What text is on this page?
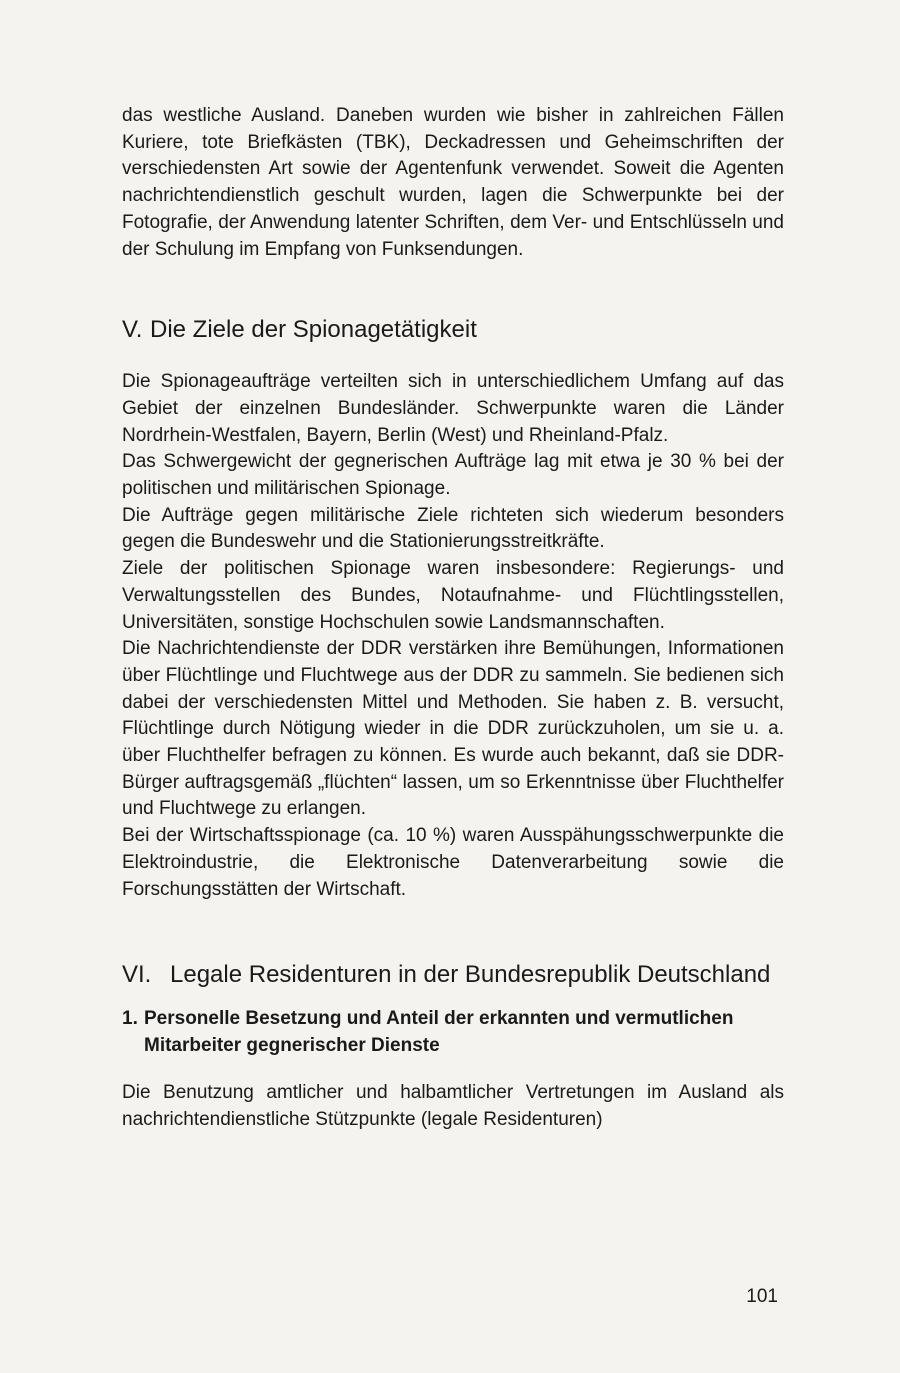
das westliche Ausland. Daneben wurden wie bisher in zahlreichen Fällen Kuriere, tote Briefkästen (TBK), Deckadressen und Geheimschriften der verschiedensten Art sowie der Agentenfunk verwendet. Soweit die Agenten nachrichtendienstlich geschult wurden, lagen die Schwerpunkte bei der Fotografie, der Anwendung latenter Schriften, dem Ver- und Entschlüsseln und der Schulung im Empfang von Funksendungen.

V. Die Ziele der Spionagetätigkeit

Die Spionageaufträge verteilten sich in unterschiedlichem Umfang auf das Gebiet der einzelnen Bundesländer. Schwerpunkte waren die Länder Nordrhein-Westfalen, Bayern, Berlin (West) und Rheinland-Pfalz.

Das Schwergewicht der gegnerischen Aufträge lag mit etwa je 30 % bei der politischen und militärischen Spionage.

Die Aufträge gegen militärische Ziele richteten sich wiederum besonders gegen die Bundeswehr und die Stationierungsstreitkräfte.

Ziele der politischen Spionage waren insbesondere: Regierungs- und Verwaltungsstellen des Bundes, Notaufnahme- und Flüchtlingsstellen, Universitäten, sonstige Hochschulen sowie Landsmannschaften.

Die Nachrichtendienste der DDR verstärken ihre Bemühungen, Informationen über Flüchtlinge und Fluchtwege aus der DDR zu sammeln. Sie bedienen sich dabei der verschiedensten Mittel und Methoden. Sie haben z. B. versucht, Flüchtlinge durch Nötigung wieder in die DDR zurückzuholen, um sie u. a. über Fluchthelfer befragen zu können. Es wurde auch bekannt, daß sie DDR-Bürger auftragsgemäß „flüchten“ lassen, um so Erkenntnisse über Fluchthelfer und Fluchtwege zu erlangen.

Bei der Wirtschaftsspionage (ca. 10 %) waren Ausspähungsschwerpunkte die Elektroindustrie, die Elektronische Datenverarbeitung sowie die Forschungsstätten der Wirtschaft.

VI. Legale Residenturen in der Bundesrepublik Deutschland
1. Personelle Besetzung und Anteil der erkannten und vermutlichen Mitarbeiter gegnerischer Dienste

Die Benutzung amtlicher und halbamtlicher Vertretungen im Ausland als nachrichtendienstliche Stützpunkte (legale Residenturen)

101
